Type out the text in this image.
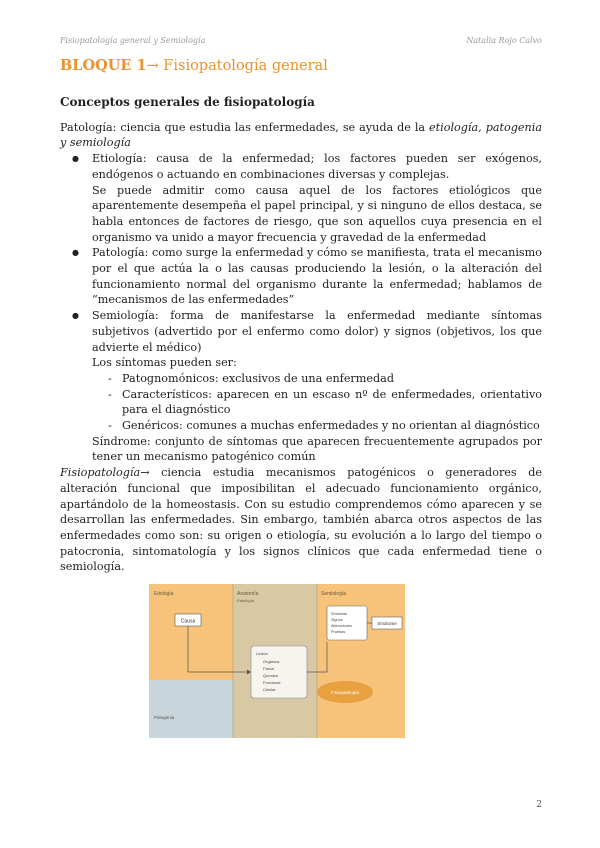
Fisiopatología general y Semiología	Natalia Rojo Calvo
BLOQUE 1→ Fisiopatología general
Conceptos generales de fisiopatología

Patología: ciencia que estudia las enfermedades, se ayuda de la etiología, patogenia y semiología

● Etiología: causa de la enfermedad; los factores pueden ser exógenos, endógenos o actuando en combinaciones diversas y complejas.
Se puede admitir como causa aquel de los factores etiológicos que aparentemente desempeña el papel principal, y si ninguno de ellos destaca, se habla entonces de factores de riesgo, que son aquellos cuya presencia en el organismo va unido a mayor frecuencia y gravedad de la enfermedad
● Patología: como surge la enfermedad y cómo se manifiesta, trata el mecanismo por el que actúa la o las causas produciendo la lesión, o la alteración del funcionamiento normal del organismo durante la enfermedad; hablamos de “mecanismos de las enfermedades”
● Semiología: forma de manifestarse la enfermedad mediante síntomas subjetivos (advertido por el enfermo como dolor) y signos (objetivos, los que advierte el médico)
Los síntomas pueden ser:
- Patognomónicos: exclusivos de una enfermedad
- Característicos: aparecen en un escaso nº de enfermedades, orientativo para el diagnóstico
- Genéricos: comunes a muchas enfermedades y no orientan al diagnóstico
Síndrome: conjunto de síntomas que aparecen frecuentemente agrupados por tener un mecanismo patogénico común

Fisiopatología→ ciencia estudia mecanismos patogénicos o generadores de alteración funcional que imposibilitan el adecuado funcionamiento orgánico, apartándolo de la homeostasis. Con su estudio comprendemos cómo aparecen y se desarrollan las enfermedades. Sin embargo, también abarca otros aspectos de las enfermedades como son: su origen o etiología, su evolución a lo largo del tiempo o patocronia, sintomatología y los signos clínicos que cada enfermedad tiene o semiología.

Etiología	Anatomía
Patología
Semiología
Patogenia
Causa
Lesión
Orgánica
Física
Química
Funcional
Celular
Síntomas
Signos
Alteraciones
Pruebas
Síndrome
Fisiopatología
2
